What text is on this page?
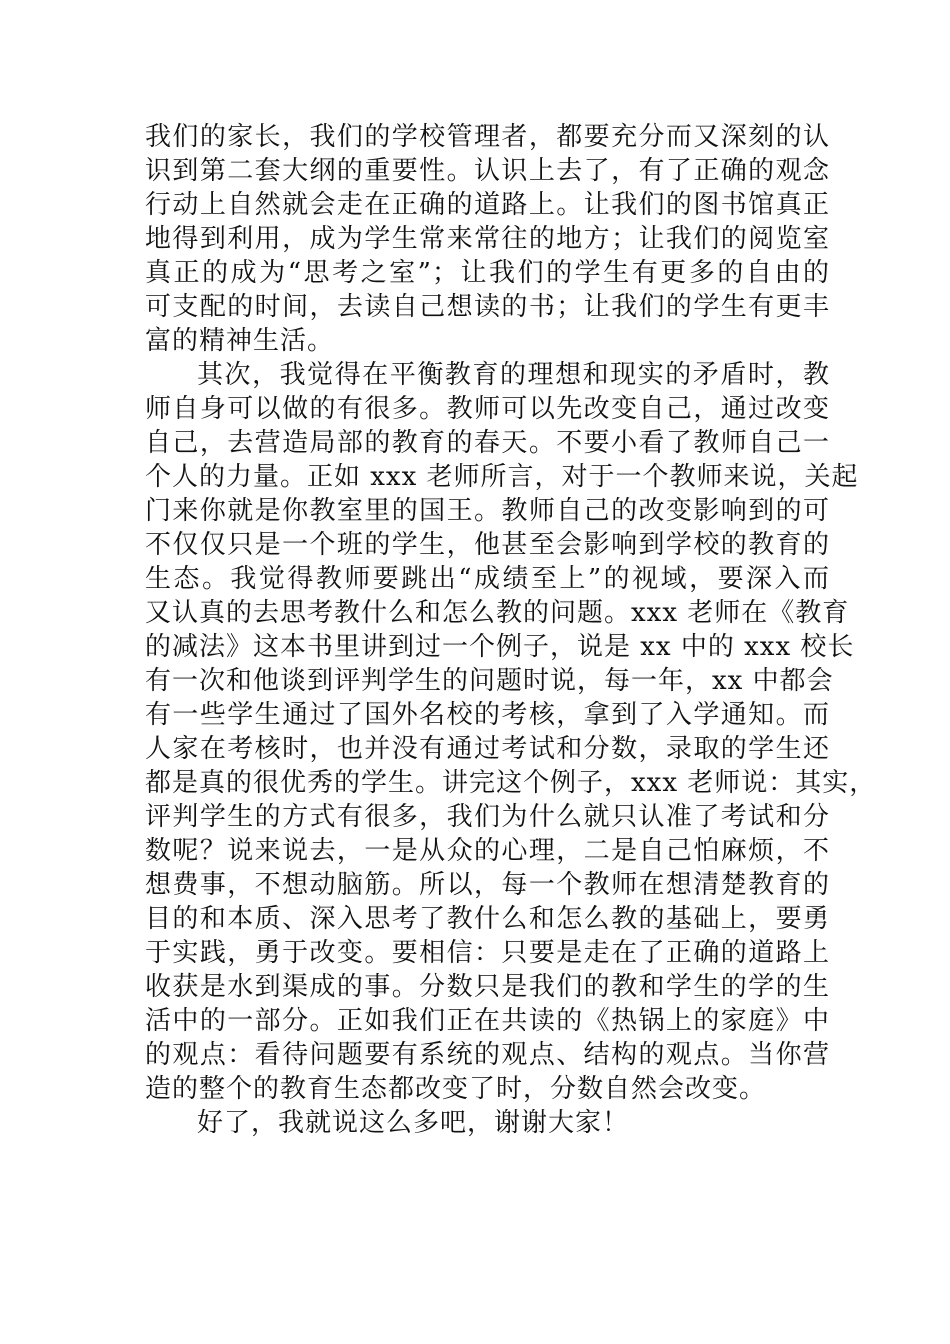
我们的家长，我们的学校管理者，都要充分而又深刻的认
识到第二套大纲的重要性。认识上去了，有了正确的观念
行动上自然就会走在正确的道路上。让我们的图书馆真正
地得到利用，成为学生常来常往的地方；让我们的阅览室
真正的成为“思考之室”；让我们的学生有更多的自由的
可支配的时间，去读自己想读的书；让我们的学生有更丰
富的精神生活。
其次，我觉得在平衡教育的理想和现实的矛盾时，教
师自身可以做的有很多。教师可以先改变自己，通过改变
自己，去营造局部的教育的春天。不要小看了教师自己一
个人的力量。正如 xxx 老师所言，对于一个教师来说，关起
门来你就是你教室里的国王。教师自己的改变影响到的可
不仅仅只是一个班的学生，他甚至会影响到学校的教育的
生态。我觉得教师要跳出“成绩至上”的视域，要深入而
又认真的去思考教什么和怎么教的问题。xxx 老师在《教育
的减法》这本书里讲到过一个例子，说是 xx 中的 xxx 校长
有一次和他谈到评判学生的问题时说，每一年，xx 中都会
有一些学生通过了国外名校的考核，拿到了入学通知。而
人家在考核时，也并没有通过考试和分数，录取的学生还
都是真的很优秀的学生。讲完这个例子，xxx 老师说：其实，
评判学生的方式有很多，我们为什么就只认准了考试和分
数呢？说来说去，一是从众的心理，二是自己怕麻烦，不
想费事，不想动脑筋。所以，每一个教师在想清楚教育的
目的和本质、深入思考了教什么和怎么教的基础上，要勇
于实践，勇于改变。要相信：只要是走在了正确的道路上
收获是水到渠成的事。分数只是我们的教和学生的学的生
活中的一部分。正如我们正在共读的《热锅上的家庭》中
的观点：看待问题要有系统的观点、结构的观点。当你营
造的整个的教育生态都改变了时，分数自然会改变。
好了，我就说这么多吧，谢谢大家！
